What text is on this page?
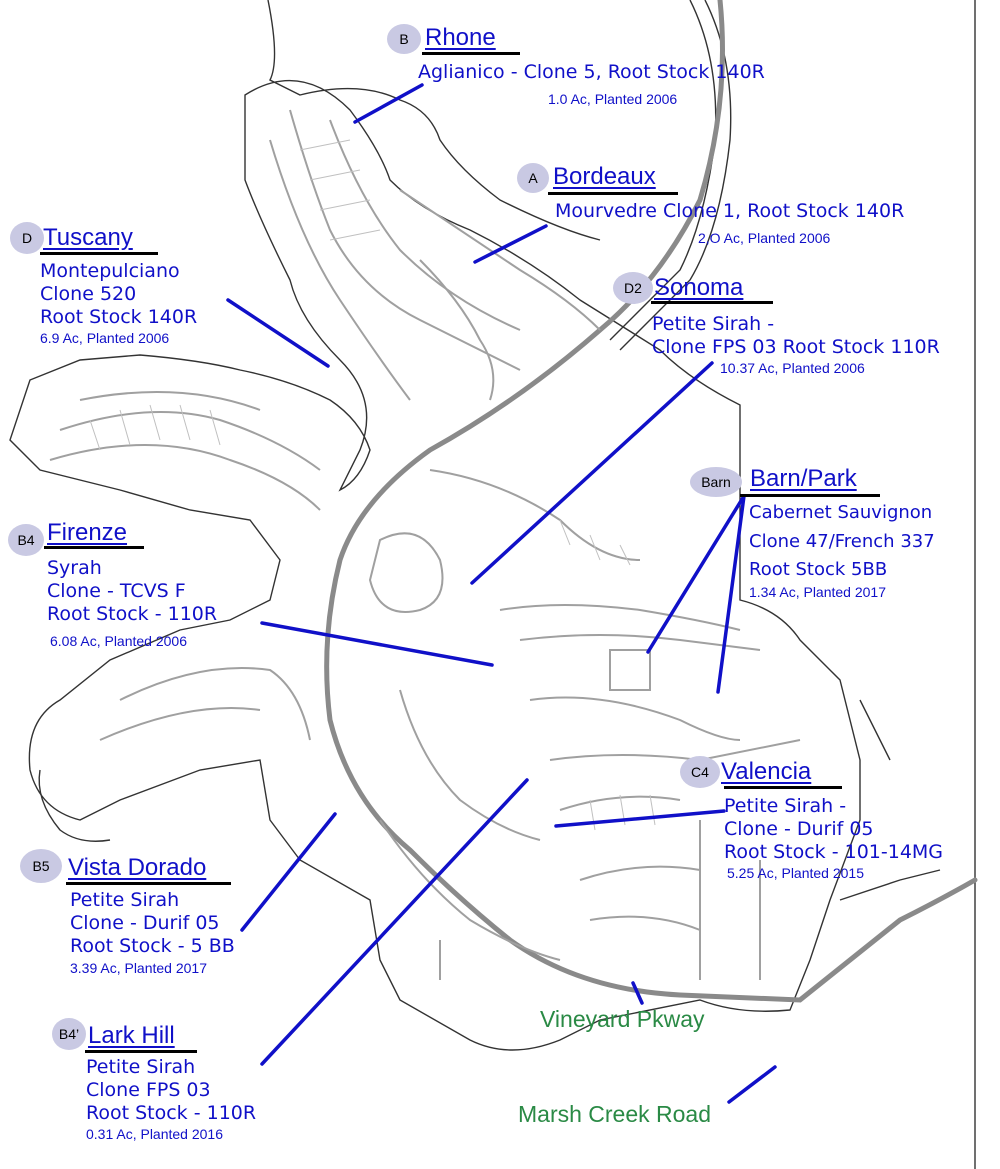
B Rhone
Aglianico - Clone 5, Root Stock 140R
1.0 Ac, Planted 2006
A Bordeaux
Mourvedre Clone 1, Root Stock 140R
2,O Ac, Planted 2006
D Tuscany
Montepulciano
Clone 520
Root Stock 140R
6.9 Ac, Planted 2006
D2 Sonoma
Petite Sirah -
Clone FPS 03 Root Stock 110R
10.37 Ac, Planted 2006
Barn Barn/Park
Cabernet Sauvignon
Clone 47/French 337
Root Stock 5BB
1.34 Ac, Planted 2017
B4 Firenze
Syrah
Clone - TCVS F
Root Stock - 110R
6.08 Ac, Planted 2006
C4 Valencia
Petite Sirah -
Clone - Durif 05
Root Stock - 101-14MG
5.25 Ac, Planted 2015
B5 Vista Dorado
Petite Sirah
Clone - Durif 05
Root Stock - 5 BB
3.39 Ac, Planted 2017
B4’ Lark Hill
Petite Sirah
Clone FPS 03
Root Stock - 110R
0.31 Ac, Planted 2016
Vineyard Pkway
Marsh Creek Road
